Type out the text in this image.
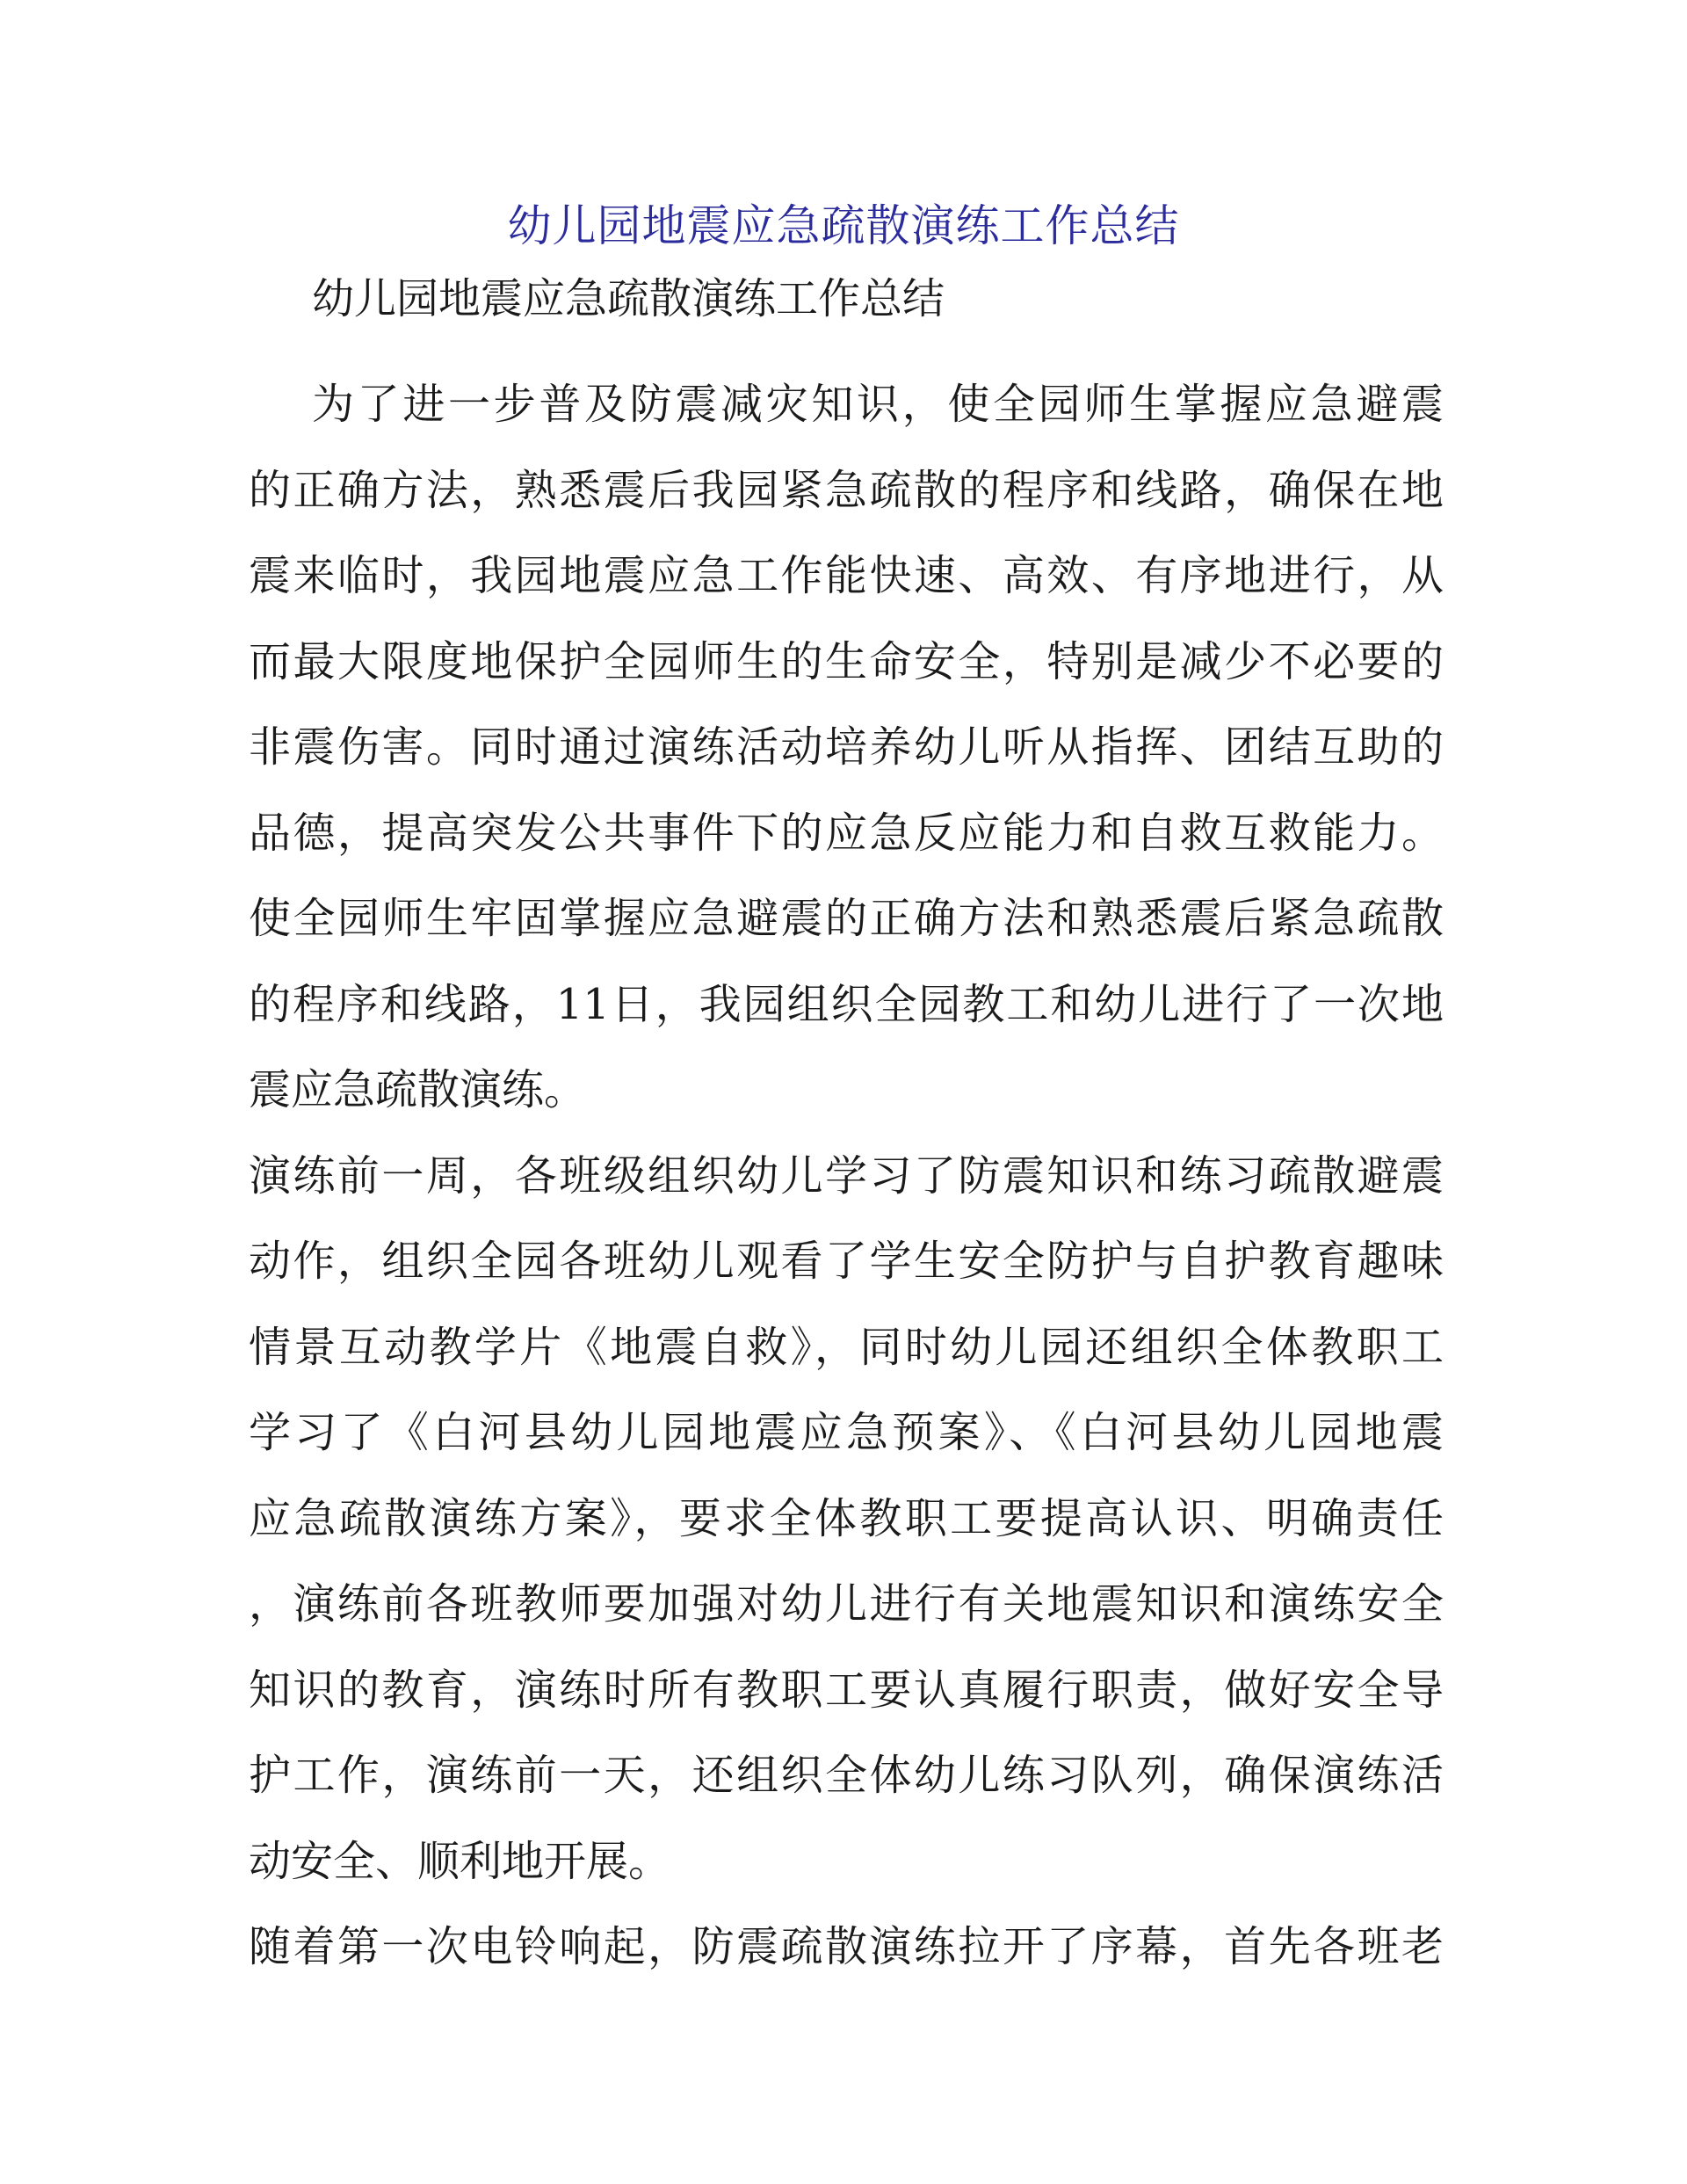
幼儿园地震应急疏散演练工作总结
幼儿园地震应急疏散演练工作总结
为了进一步普及防震减灾知识，使全园师生掌握应急避震
的正确方法，熟悉震后我园紧急疏散的程序和线路，确保在地
震来临时，我园地震应急工作能快速、高效、有序地进行，从
而最大限度地保护全园师生的生命安全，特别是减少不必要的
非震伤害。同时通过演练活动培养幼儿听从指挥、团结互助的
品德，提高突发公共事件下的应急反应能力和自救互救能力。
使全园师生牢固掌握应急避震的正确方法和熟悉震后紧急疏散
的程序和线路，11日，我园组织全园教工和幼儿进行了一次地
震应急疏散演练。
演练前一周，各班级组织幼儿学习了防震知识和练习疏散避震
动作，组织全园各班幼儿观看了学生安全防护与自护教育趣味
情景互动教学片《地震自救》，同时幼儿园还组织全体教职工
学习了《白河县幼儿园地震应急预案》、《白河县幼儿园地震
应急疏散演练方案》，要求全体教职工要提高认识、明确责任
，演练前各班教师要加强对幼儿进行有关地震知识和演练安全
知识的教育，演练时所有教职工要认真履行职责，做好安全导
护工作，演练前一天，还组织全体幼儿练习队列，确保演练活
动安全、顺利地开展。
随着第一次电铃响起，防震疏散演练拉开了序幕，首先各班老
